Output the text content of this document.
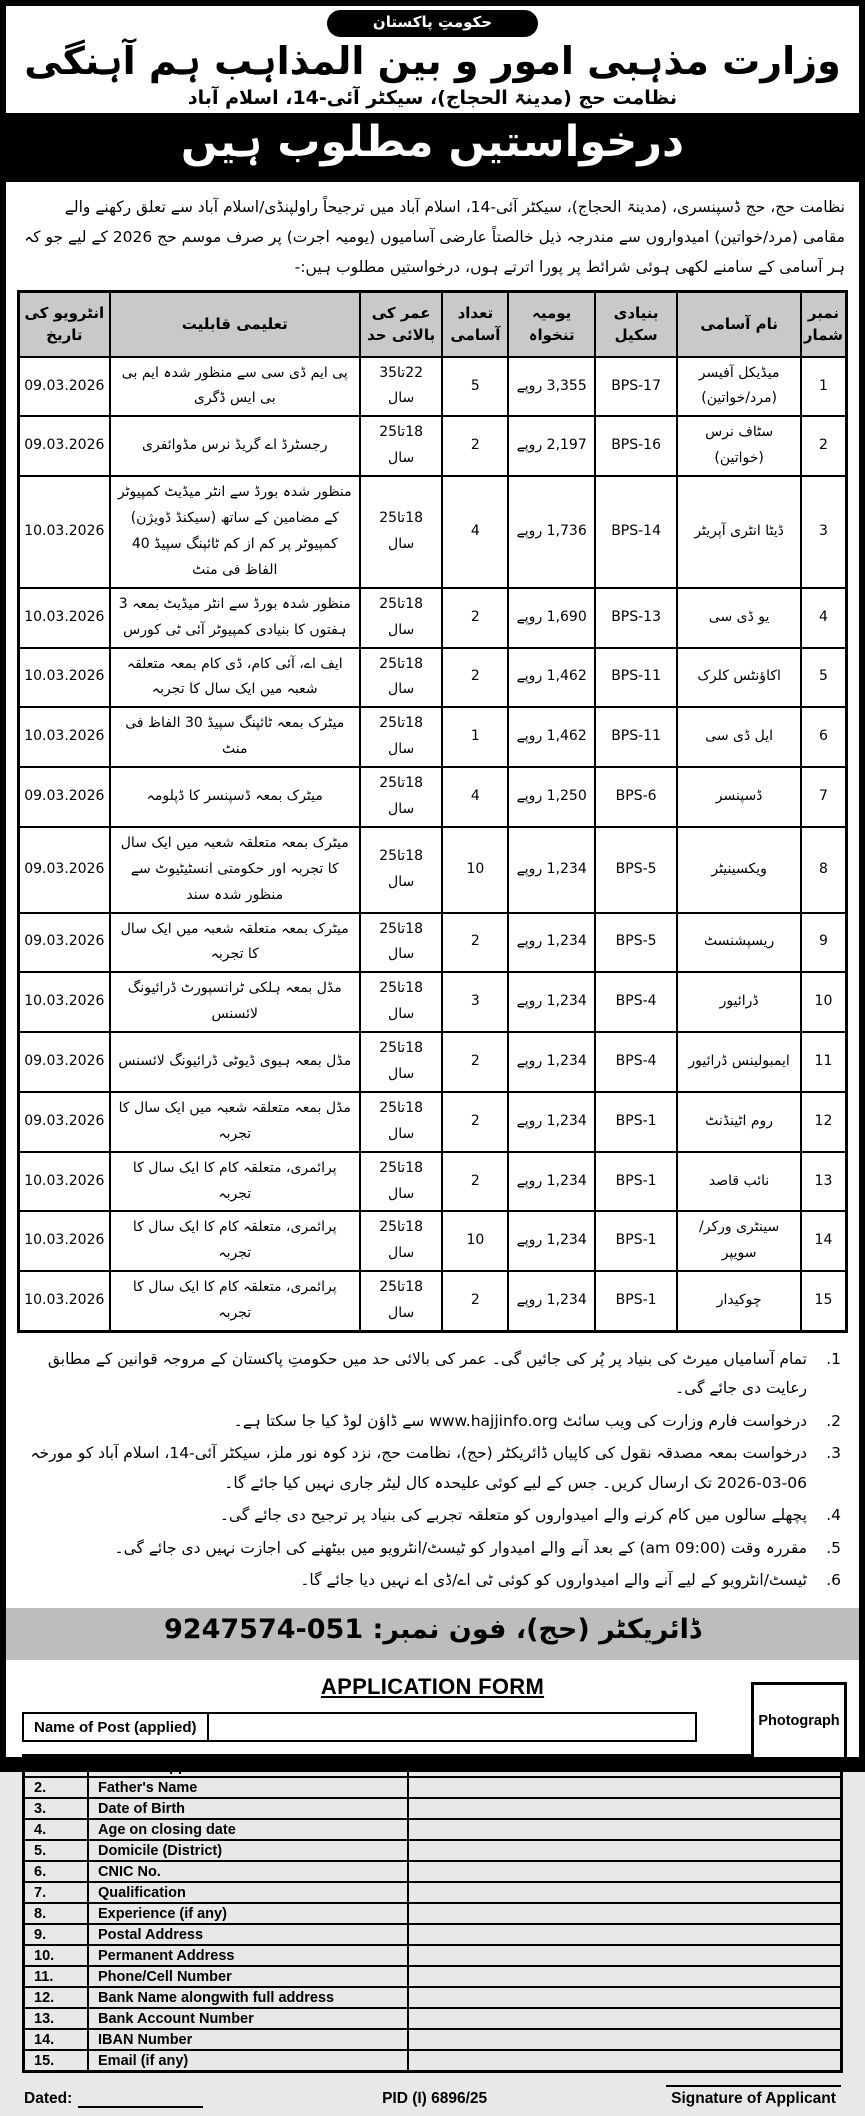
حکومتِ پاکستان
وزارت مذہبی امور و بین المذاہب ہم آہنگی
نظامت حج (مدینۃ الحجاج)، سیکٹر آئی-14، اسلام آباد
درخواستیں مطلوب ہیں
نظامت حج، حج ڈسپنسری، (مدینۃ الحجاج)، سیکٹر آئی-14، اسلام آباد میں ترجیحاً راولپنڈی/اسلام آباد سے تعلق رکھنے والے مقامی (مرد/خواتین) امیدواروں سے مندرجہ ذیل خالصتاً عارضی آسامیوں (یومیہ اجرت) پر صرف موسم حج 2026 کے لیے جو کہ ہر آسامی کے سامنے لکھی ہوئی شرائط پر پورا اترتے ہوں، درخواستیں مطلوب ہیں:-
نمبر شمار	نام آسامی	بنیادی سکیل	یومیہ تنخواہ	تعداد آسامی	عمر کی بالائی حد	تعلیمی قابلیت	انٹرویو کی تاریخ
1	میڈیکل آفیسر (مرد/خواتین)	BPS-17	3,355 روپے	5	22تا35 سال	پی ایم ڈی سی سے منظور شدہ ایم بی بی ایس ڈگری	09.03.2026
2	سٹاف نرس (خواتین)	BPS-16	2,197 روپے	2	18تا25 سال	رجسٹرڈ اے گریڈ نرس مڈوائفری	09.03.2026
3	ڈیٹا انٹری آپریٹر	BPS-14	1,736 روپے	4	18تا25 سال	منظور شدہ بورڈ سے انٹر میڈیٹ کمپیوٹر کے مضامین کے ساتھ (سیکنڈ ڈویژن) کمپیوٹر پر کم از کم ٹائپنگ سپیڈ 40 الفاظ فی منٹ	10.03.2026
4	یو ڈی سی	BPS-13	1,690 روپے	2	18تا25 سال	منظور شدہ بورڈ سے انٹر میڈیٹ بمعہ 3 ہفتوں کا بنیادی کمپیوٹر آئی ٹی کورس	10.03.2026
5	اکاؤنٹس کلرک	BPS-11	1,462 روپے	2	18تا25 سال	ایف اے، آئی کام، ڈی کام بمعہ متعلقہ شعبہ میں ایک سال کا تجربہ	10.03.2026
6	ایل ڈی سی	BPS-11	1,462 روپے	1	18تا25 سال	میٹرک بمعہ ٹائپنگ سپیڈ 30 الفاظ فی منٹ	10.03.2026
7	ڈسپنسر	BPS-6	1,250 روپے	4	18تا25 سال	میٹرک بمعہ ڈسپنسر کا ڈپلومہ	09.03.2026
8	ویکسینیٹر	BPS-5	1,234 روپے	10	18تا25 سال	میٹرک بمعہ متعلقہ شعبہ میں ایک سال کا تجربہ اور حکومتی انسٹیٹیوٹ سے منظور شدہ سند	09.03.2026
9	ریسپشنسٹ	BPS-5	1,234 روپے	2	18تا25 سال	میٹرک بمعہ متعلقہ شعبہ میں ایک سال کا تجربہ	09.03.2026
10	ڈرائیور	BPS-4	1,234 روپے	3	18تا25 سال	مڈل بمعہ ہلکی ٹرانسپورٹ ڈرائیونگ لائسنس	10.03.2026
11	ایمبولینس ڈرائیور	BPS-4	1,234 روپے	2	18تا25 سال	مڈل بمعہ ہیوی ڈیوٹی ڈرائیونگ لائسنس	09.03.2026
12	روم اٹینڈنٹ	BPS-1	1,234 روپے	2	18تا25 سال	مڈل بمعہ متعلقہ شعبہ میں ایک سال کا تجربہ	09.03.2026
13	نائب قاصد	BPS-1	1,234 روپے	2	18تا25 سال	پرائمری، متعلقہ کام کا ایک سال کا تجربہ	10.03.2026
14	سینٹری ورکر/سویپر	BPS-1	1,234 روپے	10	18تا25 سال	پرائمری، متعلقہ کام کا ایک سال کا تجربہ	10.03.2026
15	چوکیدار	BPS-1	1,234 روپے	2	18تا25 سال	پرائمری، متعلقہ کام کا ایک سال کا تجربہ	10.03.2026
1.
تمام آسامیاں میرٹ کی بنیاد پر پُر کی جائیں گی۔ عمر کی بالائی حد میں حکومتِ پاکستان کے مروجہ قوانین کے مطابق رعایت دی جائے گی۔
2.
درخواست فارم وزارت کی ویب سائٹ www.hajjinfo.org سے ڈاؤن لوڈ کیا جا سکتا ہے۔
3.
درخواست بمعہ مصدقہ نقول کی کاپیاں ڈائریکٹر (حج)، نظامت حج، نزد کوہ نور ملز، سیکٹر آئی-14، اسلام آباد کو مورخہ 06-03-2026 تک ارسال کریں۔ جس کے لیے کوئی علیحدہ کال لیٹر جاری نہیں کیا جائے گا۔
4.
پچھلے سالوں میں کام کرنے والے امیدواروں کو متعلقہ تجربے کی بنیاد پر ترجیح دی جائے گی۔
5.
مقررہ وقت (09:00 am) کے بعد آنے والے امیدوار کو ٹیسٹ/انٹرویو میں بیٹھنے کی اجازت نہیں دی جائے گی۔
6.
ٹیسٹ/انٹرویو کے لیے آنے والے امیدواروں کو کوئی ٹی اے/ڈی اے نہیں دیا جائے گا۔
ڈائریکٹر (حج)، فون نمبر: 051-9247574
APPLICATION FORM
Photograph
Name of Post (applied)
1.	Name of Applicant	
2.	Father's Name	
3.	Date of Birth	
4.	Age on closing date	
5.	Domicile (District)	
6.	CNIC No.	
7.	Qualification	
8.	Experience (if any)	
9.	Postal Address	
10.	Permanent Address	
11.	Phone/Cell Number	
12.	Bank Name alongwith full address	
13.	Bank Account Number	
14.	IBAN Number	
15.	Email (if any)	
Dated:	PID (I) 6896/25	Signature of Applicant
